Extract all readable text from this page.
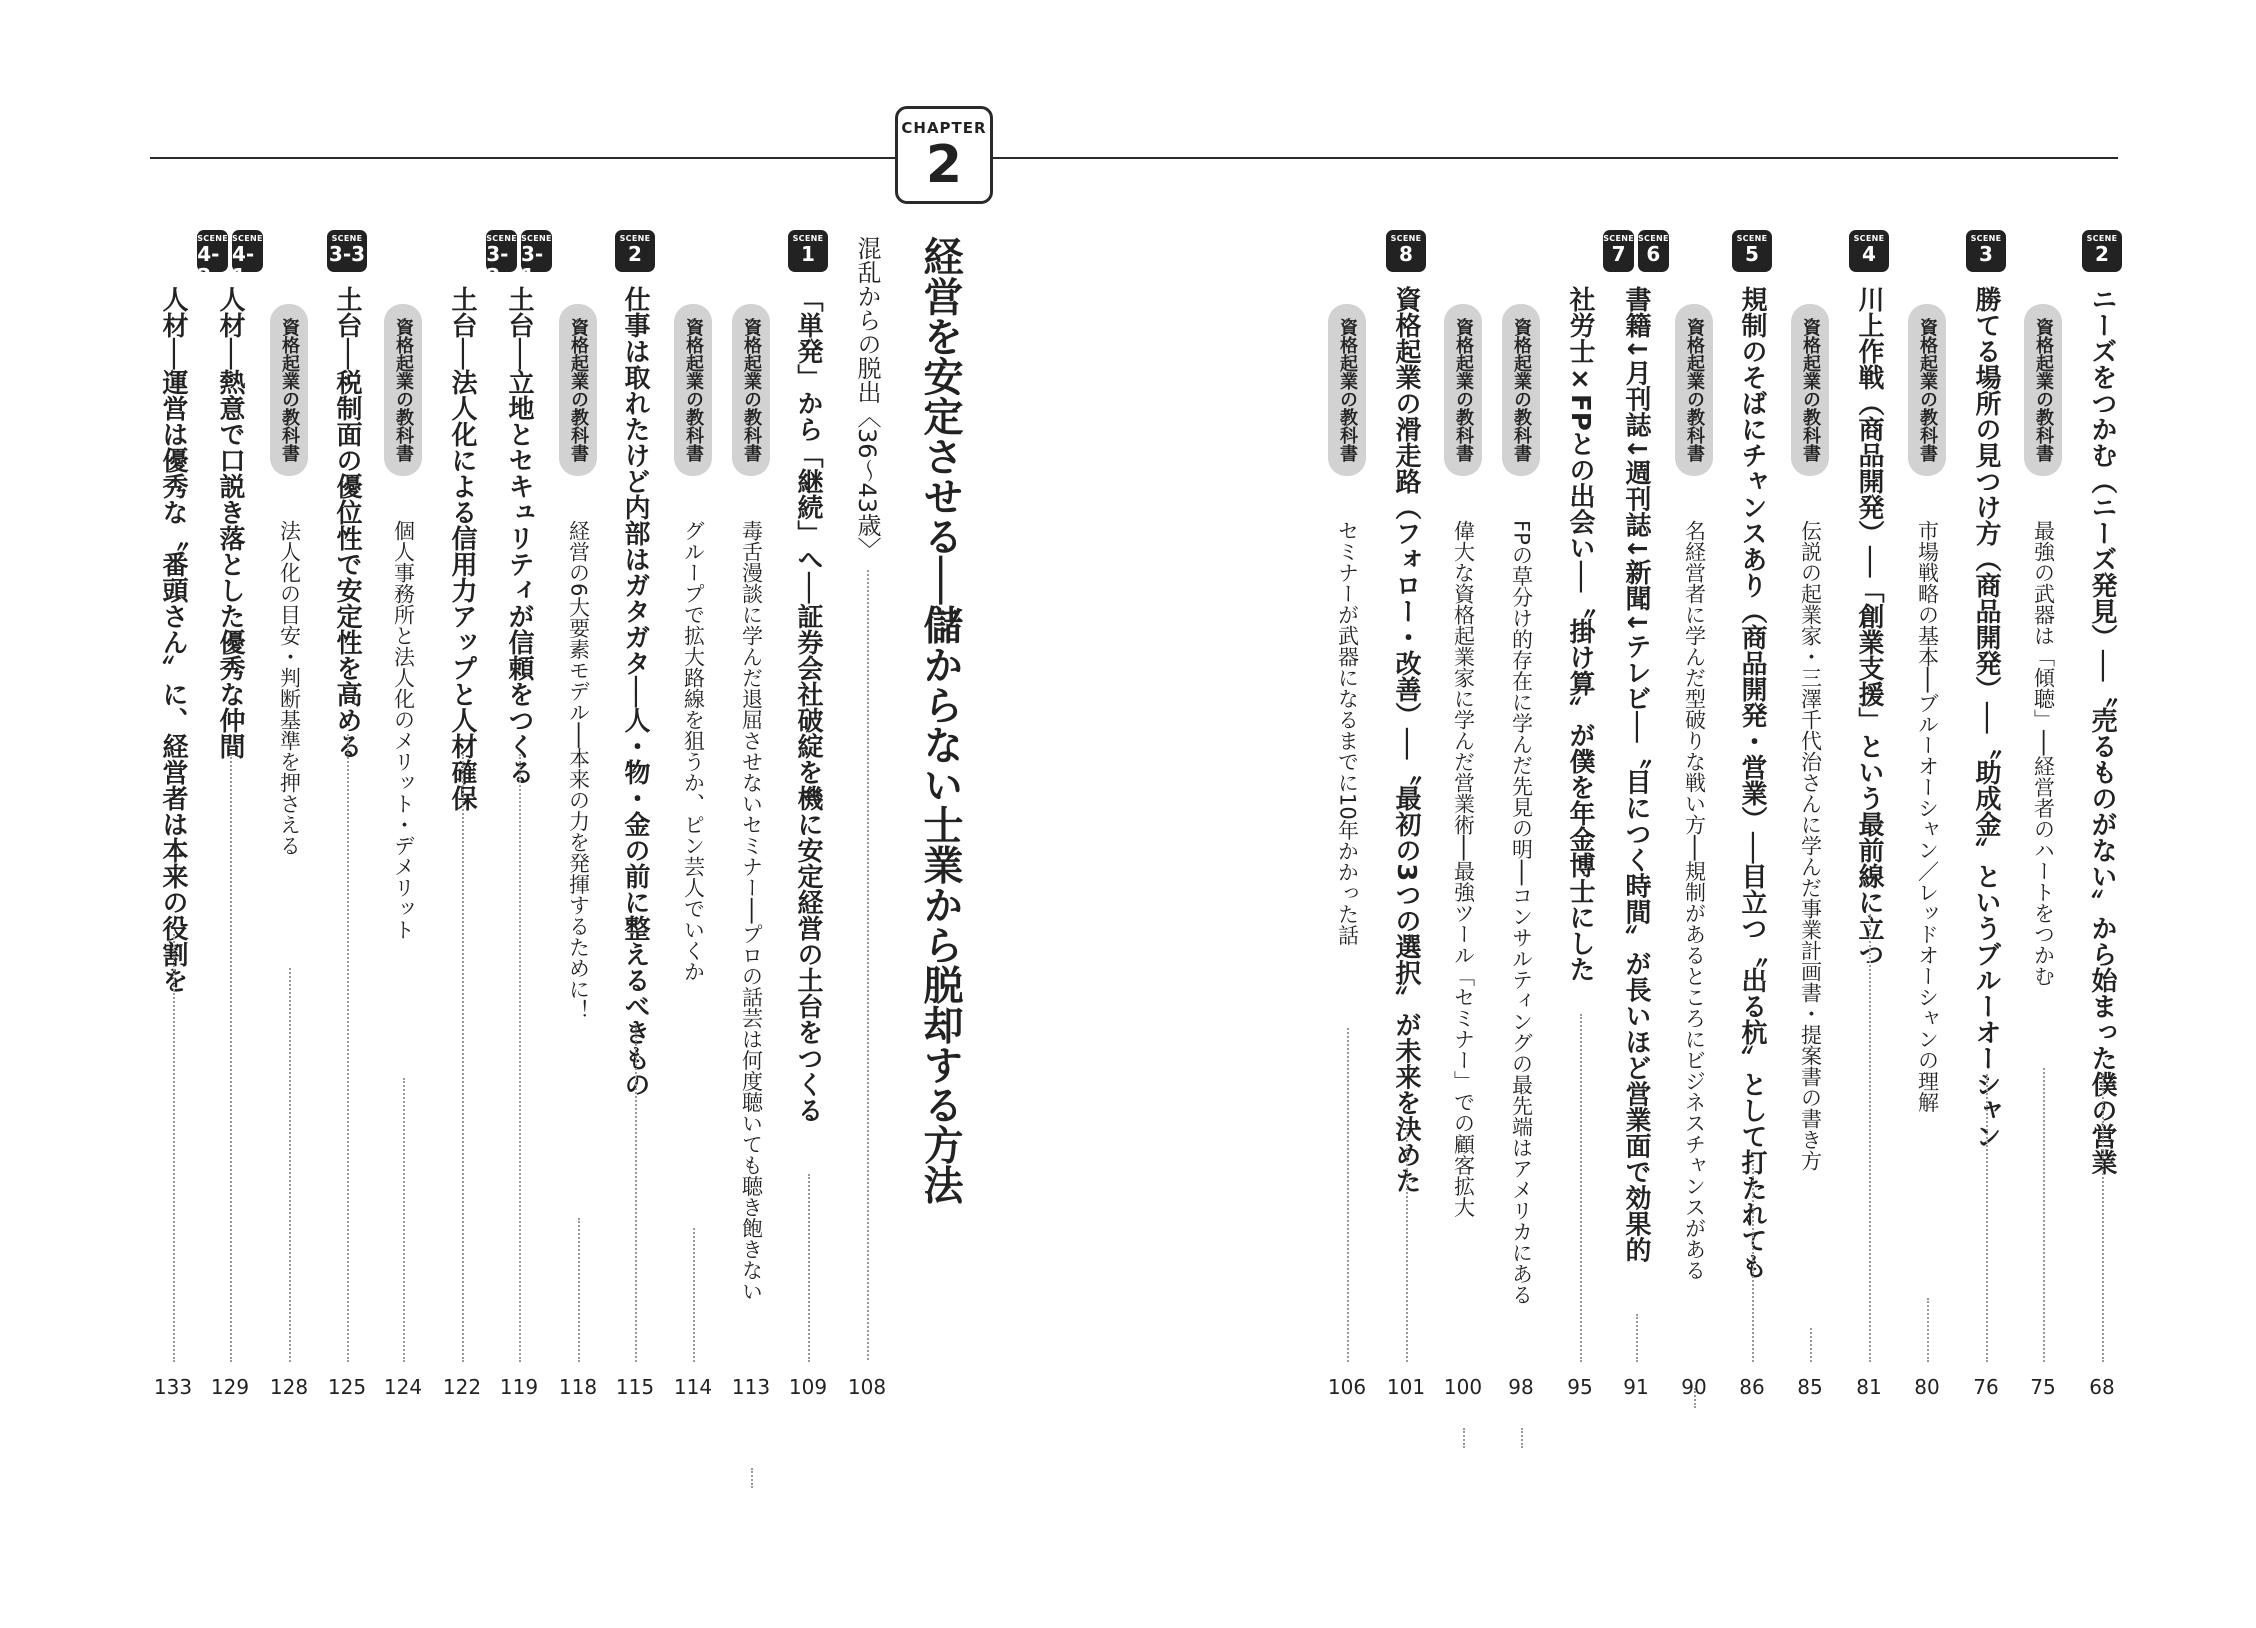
CHAPTER
2
SCENE
2
ニーズをつかむ（ニーズ発見）──〝売るものがない〟から始まった僕の営業
68
資格起業の教科書
最強の武器は「傾聴」──経営者のハートをつかむ
75
SCENE
3
勝てる場所の見つけ方（商品開発）──〝助成金〟というブルーオーシャン
76
資格起業の教科書
市場戦略の基本──ブルーオーシャン／レッドオーシャンの理解
80
SCENE
4
川上作戦（商品開発）──「創業支援」という最前線に立つ
81
資格起業の教科書
伝説の起業家・三澤千代治さんに学んだ事業計画書・提案書の書き方
85
SCENE
5
規制のそばにチャンスあり（商品開発・営業）──目立つ〝出る杭〟として打たれても
86
資格起業の教科書
名経営者に学んだ型破りな戦い方──規制があるところにビジネスチャンスがある
90
SCENE
7
SCENE
6
書籍↓月刊誌↓週刊誌↓新聞↓テレビ──〝目につく時間〟が長いほど営業面で効果的
91
社労士×FPとの出会い──〝掛け算〟が僕を年金博士にした
95
資格起業の教科書
FPの草分け的存在に学んだ先見の明──コンサルティングの最先端はアメリカにある
98
資格起業の教科書
偉大な資格起業家に学んだ営業術──最強ツール「セミナー」での顧客拡大
100
SCENE
8
資格起業の滑走路（フォロー・改善）──〝最初の3つの選択〟が未来を決めた
101
資格起業の教科書
セミナーが武器になるまでに10年かかった話
106
SCENE
1
「単発」から「継続」へ──証券会社破綻を機に安定経営の土台をつくる
109
資格起業の教科書
毒舌漫談に学んだ退屈させないセミナー──プロの話芸は何度聴いても聴き飽きない
113
資格起業の教科書
グループで拡大路線を狙うか、ピン芸人でいくか
114
SCENE
2
仕事は取れたけど内部はガタガタ──人・物・金の前に整えるべきもの
115
資格起業の教科書
経営の6大要素モデル──本来の力を発揮するために！
118
SCENE
3-2
SCENE
3-1
土台──立地とセキュリティが信頼をつくる
119
土台──法人化による信用力アップと人材確保
122
資格起業の教科書
個人事務所と法人化のメリット・デメリット
124
SCENE
3-3
土台──税制面の優位性で安定性を高める
125
資格起業の教科書
法人化の目安・判断基準を押さえる
128
SCENE
4-2
SCENE
4-1
人材──熱意で口説き落とした優秀な仲間
129
人材──運営は優秀な〝番頭さん〟に、経営者は本来の役割を
133
経営を安定させる──儲からない士業から脱却する方法
混乱からの脱出〈36～43歳〉
108
